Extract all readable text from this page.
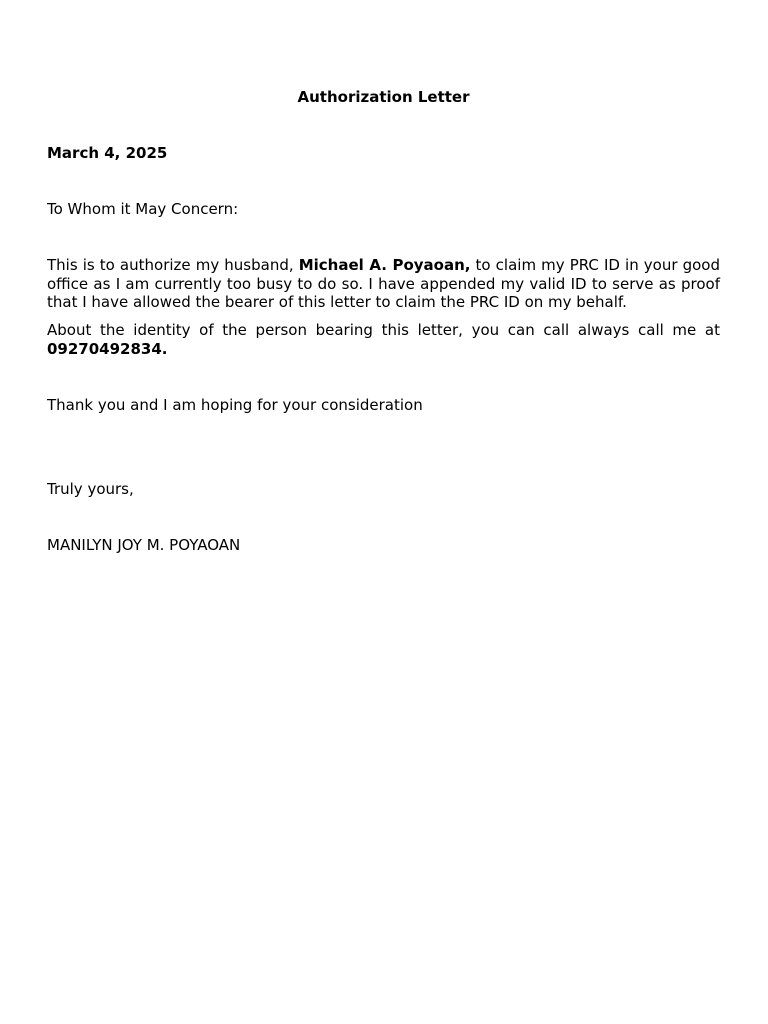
Authorization Letter
March 4, 2025
To Whom it May Concern:

This is to authorize my husband, Michael A. Poyaoan, to claim my PRC ID in your good office as I am currently too busy to do so. I have appended my valid ID to serve as proof that I have allowed the bearer of this letter to claim the PRC ID on my behalf.

About the identity of the person bearing this letter, you can call always call me at 09270492834.

Thank you and I am hoping for your consideration
Truly yours,
MANILYN JOY M. POYAOAN
